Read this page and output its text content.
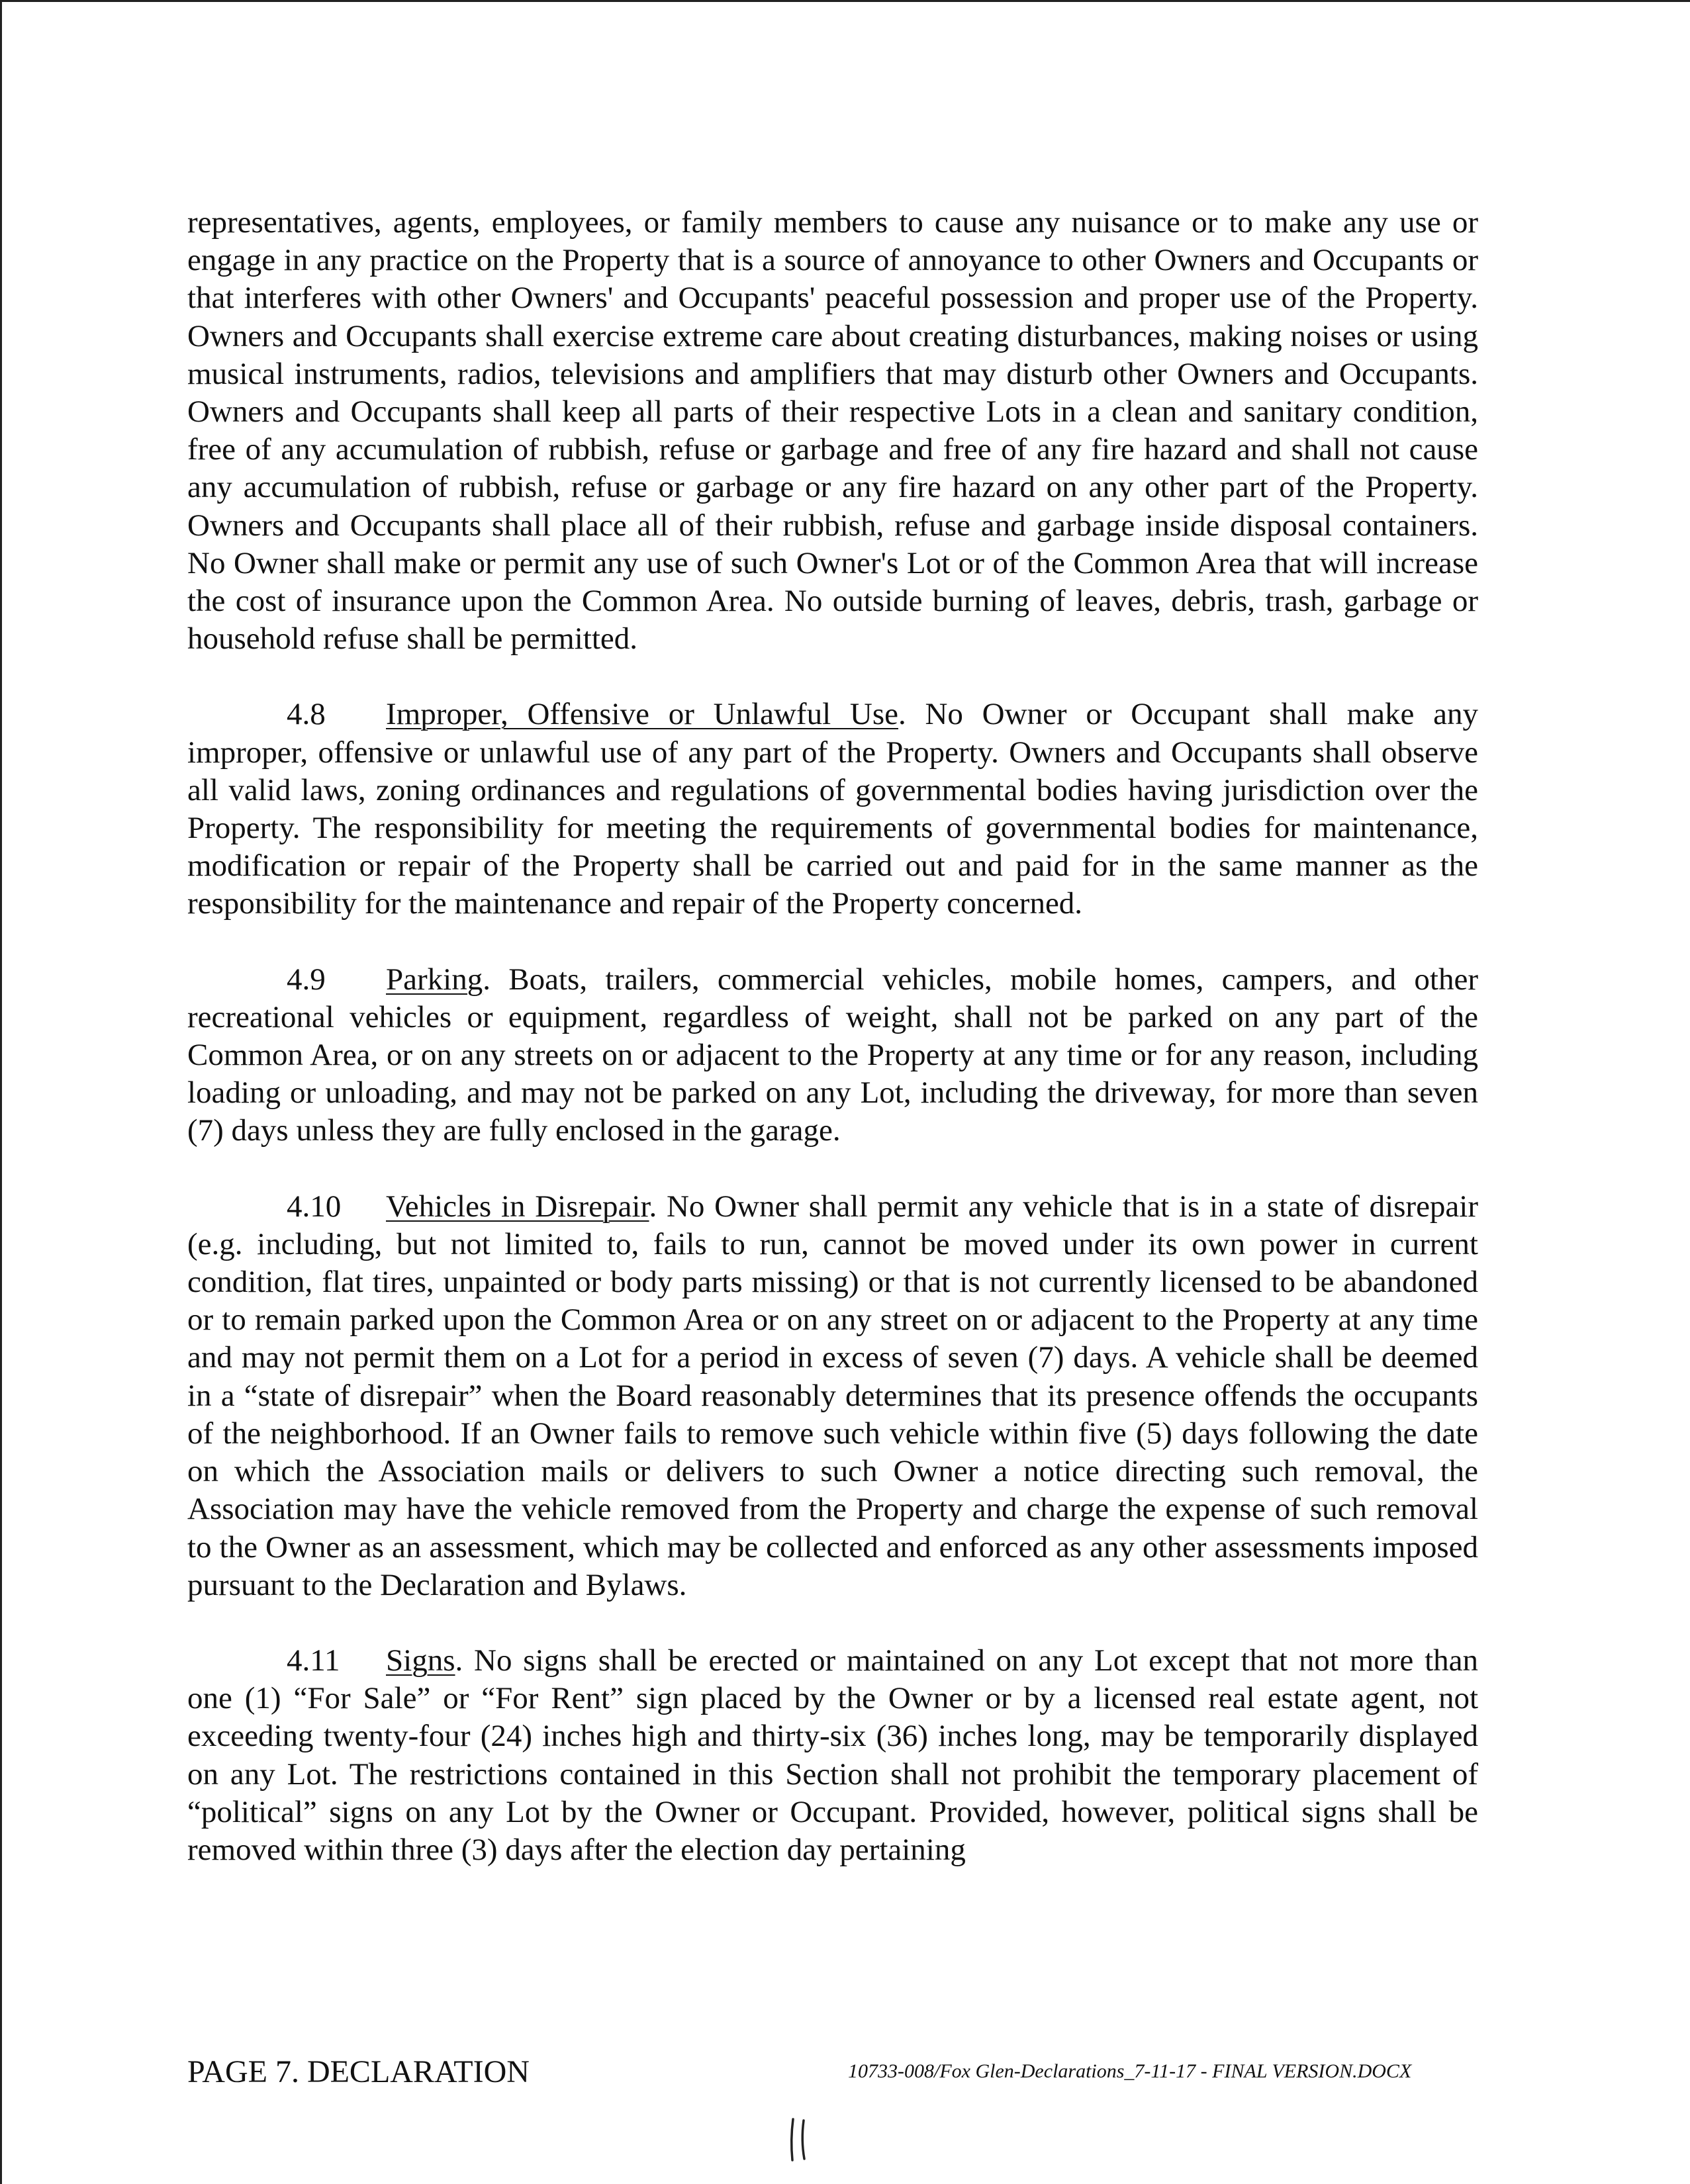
representatives, agents, employees, or family members to cause any nuisance or to make any use or engage in any practice on the Property that is a source of annoyance to other Owners and Occupants or that interferes with other Owners' and Occupants' peaceful possession and proper use of the Property. Owners and Occupants shall exercise extreme care about creating disturbances, making noises or using musical instruments, radios, televisions and amplifiers that may disturb other Owners and Occupants. Owners and Occupants shall keep all parts of their respective Lots in a clean and sanitary condition, free of any accumulation of rubbish, refuse or garbage and free of any fire hazard and shall not cause any accumulation of rubbish, refuse or garbage or any fire hazard on any other part of the Property. Owners and Occupants shall place all of their rubbish, refuse and garbage inside disposal containers. No Owner shall make or permit any use of such Owner's Lot or of the Common Area that will increase the cost of insurance upon the Common Area. No outside burning of leaves, debris, trash, garbage or household refuse shall be permitted.

4.8 Improper, Offensive or Unlawful Use. No Owner or Occupant shall make any improper, offensive or unlawful use of any part of the Property. Owners and Occupants shall observe all valid laws, zoning ordinances and regulations of governmental bodies having jurisdiction over the Property. The responsibility for meeting the requirements of governmental bodies for maintenance, modification or repair of the Property shall be carried out and paid for in the same manner as the responsibility for the maintenance and repair of the Property concerned.

4.9 Parking. Boats, trailers, commercial vehicles, mobile homes, campers, and other recreational vehicles or equipment, regardless of weight, shall not be parked on any part of the Common Area, or on any streets on or adjacent to the Property at any time or for any reason, including loading or unloading, and may not be parked on any Lot, including the driveway, for more than seven (7) days unless they are fully enclosed in the garage.

4.10 Vehicles in Disrepair. No Owner shall permit any vehicle that is in a state of disrepair (e.g. including, but not limited to, fails to run, cannot be moved under its own power in current condition, flat tires, unpainted or body parts missing) or that is not currently licensed to be abandoned or to remain parked upon the Common Area or on any street on or adjacent to the Property at any time and may not permit them on a Lot for a period in excess of seven (7) days. A vehicle shall be deemed in a “state of disrepair” when the Board reasonably determines that its presence offends the occupants of the neighborhood. If an Owner fails to remove such vehicle within five (5) days following the date on which the Association mails or delivers to such Owner a notice directing such removal, the Association may have the vehicle removed from the Property and charge the expense of such removal to the Owner as an assessment, which may be collected and enforced as any other assessments imposed pursuant to the Declaration and Bylaws.

4.11 Signs. No signs shall be erected or maintained on any Lot except that not more than one (1) “For Sale” or “For Rent” sign placed by the Owner or by a licensed real estate agent, not exceeding twenty-four (24) inches high and thirty-six (36) inches long, may be temporarily displayed on any Lot. The restrictions contained in this Section shall not prohibit the temporary placement of “political” signs on any Lot by the Owner or Occupant. Provided, however, political signs shall be removed within three (3) days after the election day pertaining

PAGE 7. DECLARATION	10733-008/Fox Glen-Declarations_7-11-17 - FINAL VERSION.DOCX
